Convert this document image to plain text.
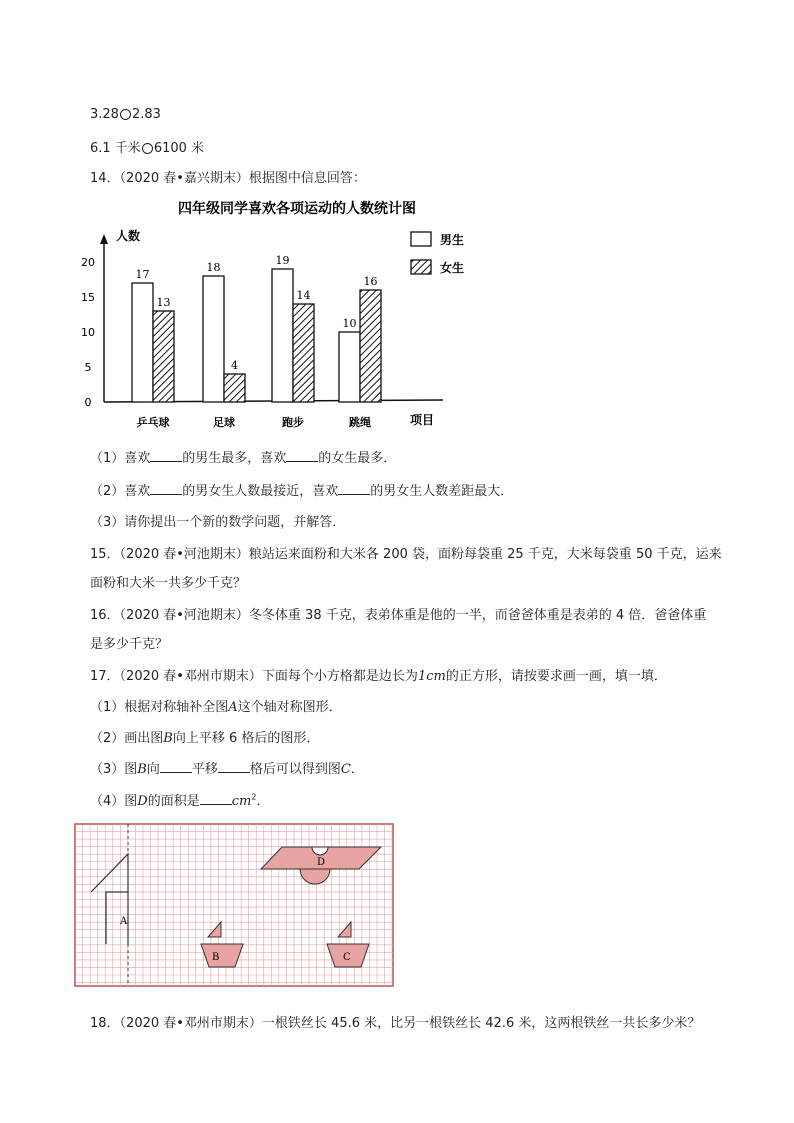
3.28 2.83
6.1 千米 6100 米
14．（2020 春•嘉兴期末）根据图中信息回答：
四年级同学喜欢各项运动的人数统计图
人数
项目
0
5
10
15
20
17
13
乒乓球
18
4
足球
19
14
跑步
10
16
跳绳
男生
女生
（1）喜欢 的男生最多，喜欢 的女生最多．
（2）喜欢 的男女生人数最接近，喜欢 的男女生人数差距最大．
（3）请你提出一个新的数学问题，并解答．
15．（2020 春•河池期末）粮站运来面粉和大米各 200 袋，面粉每袋重 25 千克，大米每袋重 50 千克，运来
面粉和大米一共多少千克？
16．（2020 春•河池期末）冬冬体重 38 千克，表弟体重是他的一半，而爸爸体重是表弟的 4 倍．爸爸体重
是多少千克？
17．（2020 春•邓州市期末）下面每个小方格都是边长为1cm的正方形，请按要求画一画，填一填．
（1）根据对称轴补全图A这个轴对称图形．
（2）画出图B向上平移 6 格后的图形．
（3）图B向 平移 格后可以得到图C．
（4）图D的面积是 $cm^2$．
D
A
B	C
18．（2020 春•邓州市期末）一根铁丝长 45.6 米，比另一根铁丝长 42.6 米，这两根铁丝一共长多少米？
